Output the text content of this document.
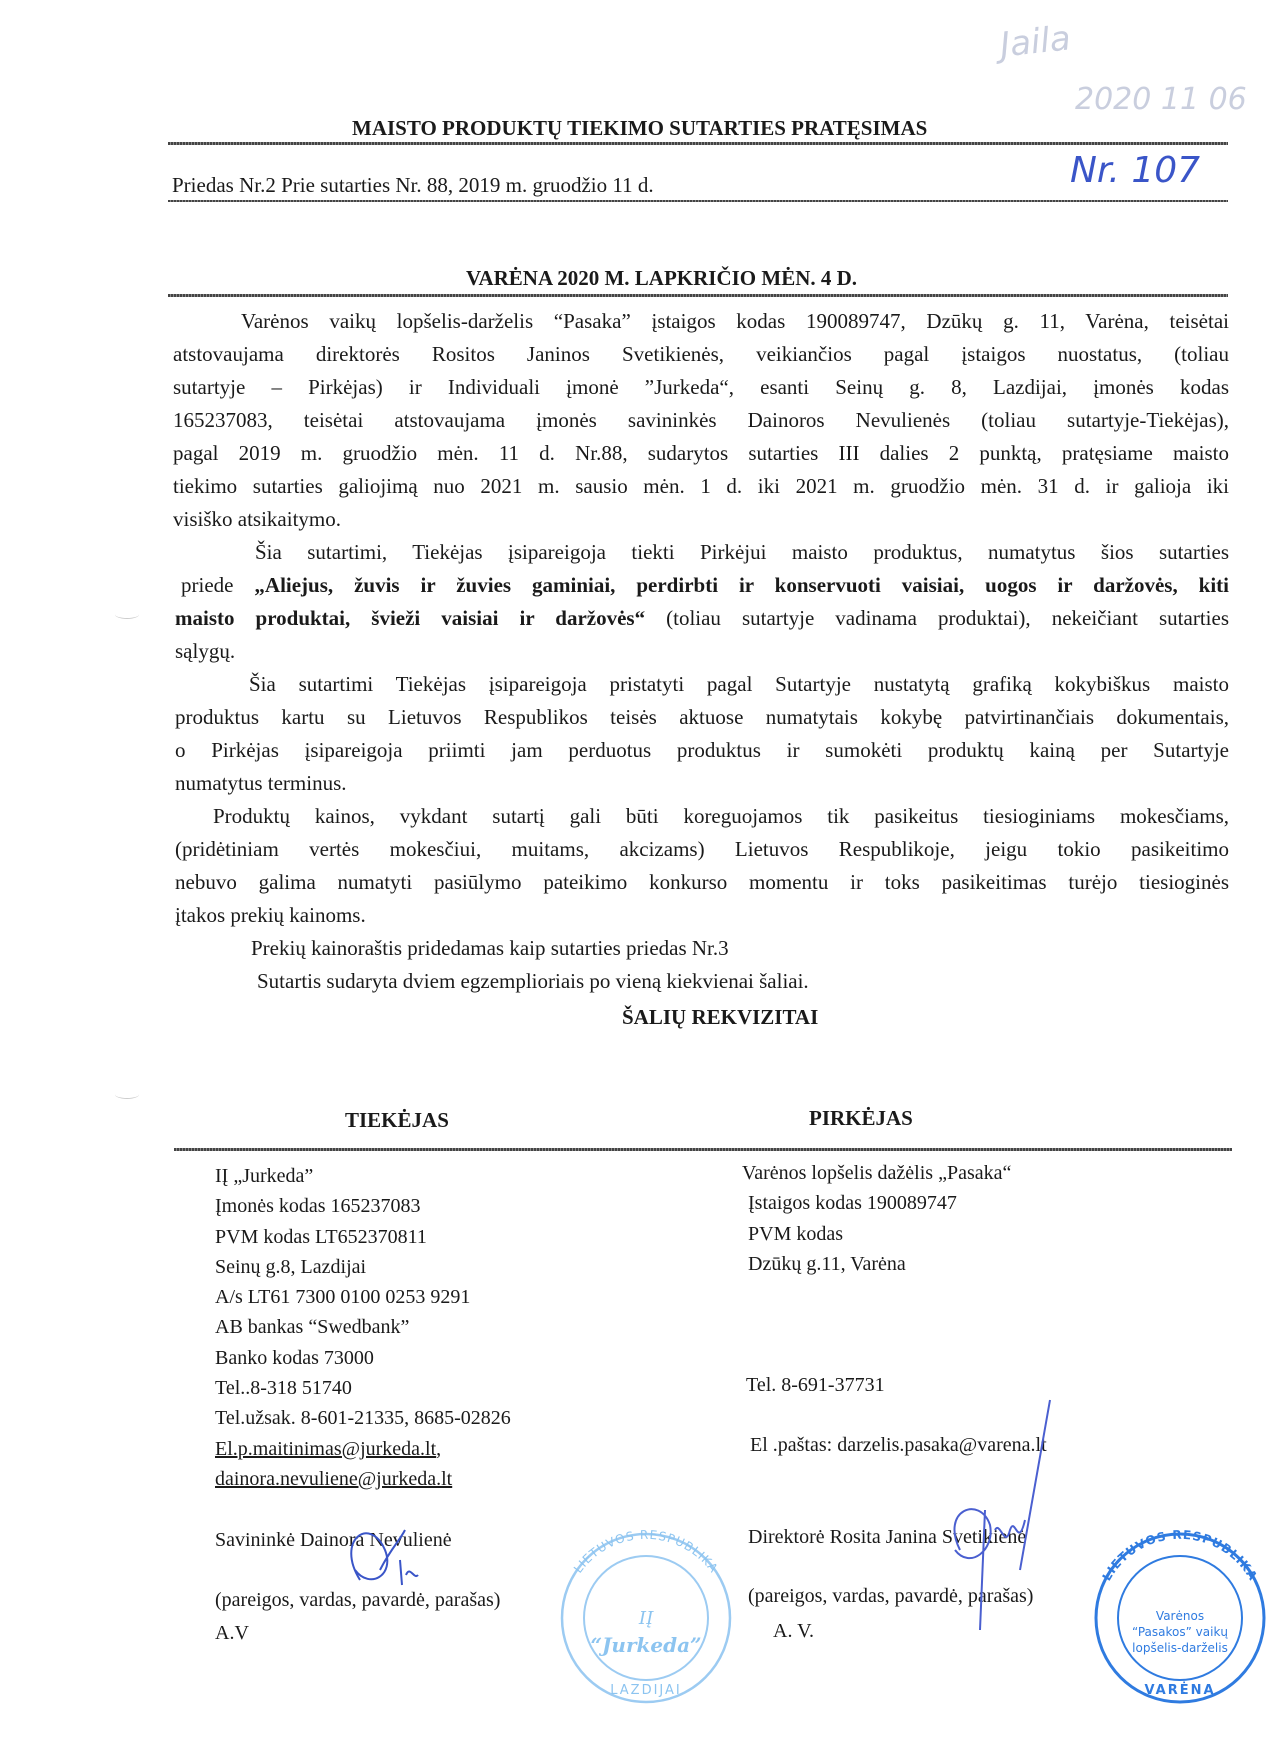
Jaila
2020 11 06
Nr. 107
MAISTO PRODUKTŲ TIEKIMO SUTARTIES PRATĘSIMAS
Priedas Nr.2 Prie sutarties Nr. 88, 2019 m. gruodžio 11 d.
VARĖNA 2020 M. LAPKRIČIO MĖN. 4 D.
Varėnos vaikų lopšelis-darželis “Pasaka” įstaigos kodas 190089747, Dzūkų g. 11, Varėna, teisėtai
atstovaujama direktorės Rositos Janinos Svetikienės, veikiančios pagal įstaigos nuostatus, (toliau
sutartyje – Pirkėjas) ir Individuali įmonė ”Jurkeda“, esanti Seinų g. 8, Lazdijai, įmonės kodas
165237083, teisėtai atstovaujama įmonės savininkės Dainoros Nevulienės (toliau sutartyje-Tiekėjas),
pagal 2019 m. gruodžio mėn. 11 d. Nr.88, sudarytos sutarties III dalies 2 punktą, pratęsiame maisto
tiekimo sutarties galiojimą nuo 2021 m. sausio mėn. 1 d. iki 2021 m. gruodžio mėn. 31 d. ir galioja iki
visiško atsikaitymo.
Šia sutartimi, Tiekėjas įsipareigoja tiekti Pirkėjui maisto produktus, numatytus šios sutarties
priede „Aliejus, žuvis ir žuvies gaminiai, perdirbti ir konservuoti vaisiai, uogos ir daržovės, kiti
maisto produktai, švieži vaisiai ir daržovės“ (toliau sutartyje vadinama produktai), nekeičiant sutarties
sąlygų.
Šia sutartimi Tiekėjas įsipareigoja pristatyti pagal Sutartyje nustatytą grafiką kokybiškus maisto
produktus kartu su Lietuvos Respublikos teisės aktuose numatytais kokybę patvirtinančiais dokumentais,
o Pirkėjas įsipareigoja priimti jam perduotus produktus ir sumokėti produktų kainą per Sutartyje
numatytus terminus.
Produktų kainos, vykdant sutartį gali būti koreguojamos tik pasikeitus tiesioginiams mokesčiams,
(pridėtiniam vertės mokesčiui, muitams, akcizams) Lietuvos Respublikoje, jeigu tokio pasikeitimo
nebuvo galima numatyti pasiūlymo pateikimo konkurso momentu ir toks pasikeitimas turėjo tiesioginės
įtakos prekių kainoms.
Prekių kainoraštis pridedamas kaip sutarties priedas Nr.3
Sutartis sudaryta dviem egzemplioriais po vieną kiekvienai šaliai.
ŠALIŲ REKVIZITAI
TIEKĖJAS	PIRKĖJAS
LIETUVOS RESPUBLIKA
IĮ
“Jurkeda”
LAZDIJAI
LIETUVOS RESPUBLIKA
Varėnos
“Pasakos” vaikų
lopšelis-darželis
VARĖNA
IĮ „Jurkeda”
Įmonės kodas 165237083
PVM kodas LT652370811
Seinų g.8, Lazdijai
A/s LT61 7300 0100 0253 9291
AB bankas “Swedbank”
Banko kodas 73000
Tel..8-318 51740
Tel.užsak. 8-601-21335, 8685-02826
El.p.maitinimas@jurkeda.lt,
dainora.nevuliene@jurkeda.lt
Savininkė Dainora Nevulienė
(pareigos, vardas, pavardė, parašas)
A.V
Varėnos lopšelis dažėlis „Pasaka“
Įstaigos kodas 190089747
PVM kodas
Dzūkų g.11, Varėna
Tel. 8-691-37731
El .paštas: darzelis.pasaka@varena.lt
Direktorė Rosita Janina Svetikienė
(pareigos, vardas, pavardė, parašas)
A. V.
